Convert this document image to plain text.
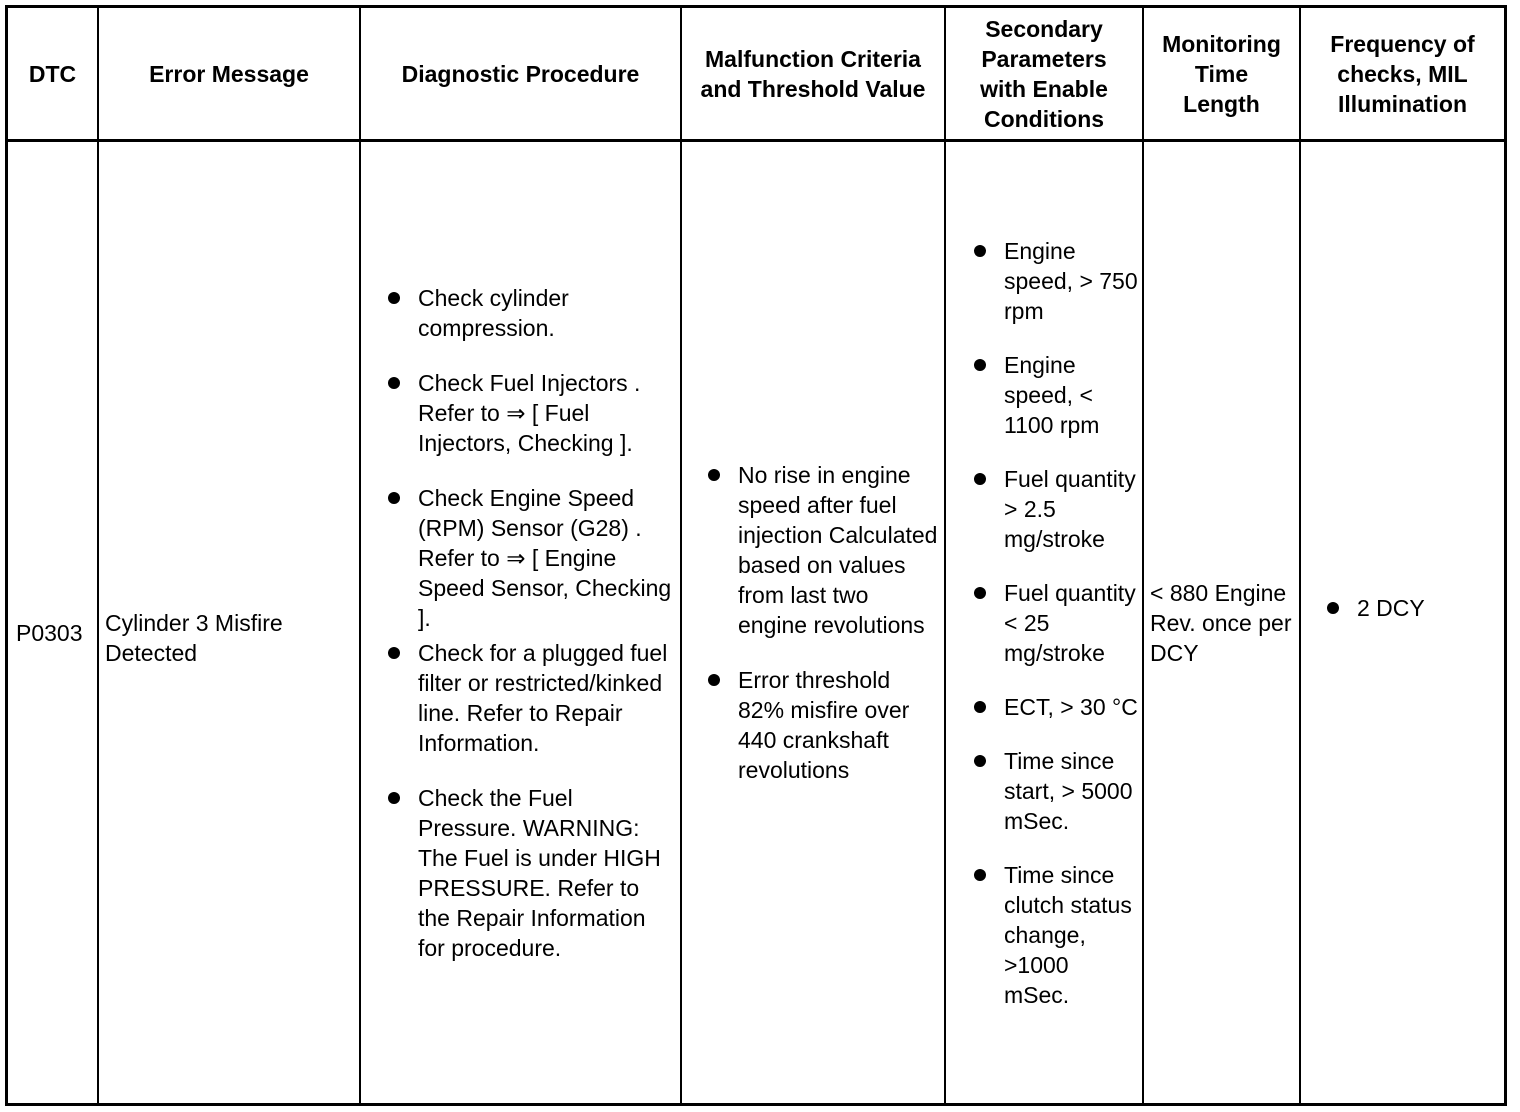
DTC	Error Message	Diagnostic Procedure
Malfunction Criteria and Threshold Value
Secondary Parameters with Enable Conditions
Monitoring Time Length
Frequency of checks, MIL Illumination
P0303 Cylinder 3 Misfire Detected
Check cylinder compression.
Check Fuel Injectors . Refer to ⇒ [ Fuel Injectors, Checking ].
Check Engine Speed (RPM) Sensor (G28) . Refer to ⇒ [ Engine Speed Sensor, Checking ].
Check for a plugged fuel filter or restricted/kinked line. Refer to Repair Information.
Check the Fuel Pressure. WARNING: The Fuel is under HIGH PRESSURE. Refer to the Repair Information for procedure.
No rise in engine speed after fuel injection Calculated based on values from last two engine revolutions
Error threshold 82% misfire over 440 crankshaft revolutions
Engine speed, > 750 rpm
Engine speed, < 1100 rpm
Fuel quantity > 2.5 mg/stroke
Fuel quantity < 25 mg/stroke
ECT, > 30 °C
Time since start, > 5000 mSec.
Time since clutch status change, >1000 mSec.
< 880 Engine Rev. once per DCY
2 DCY
